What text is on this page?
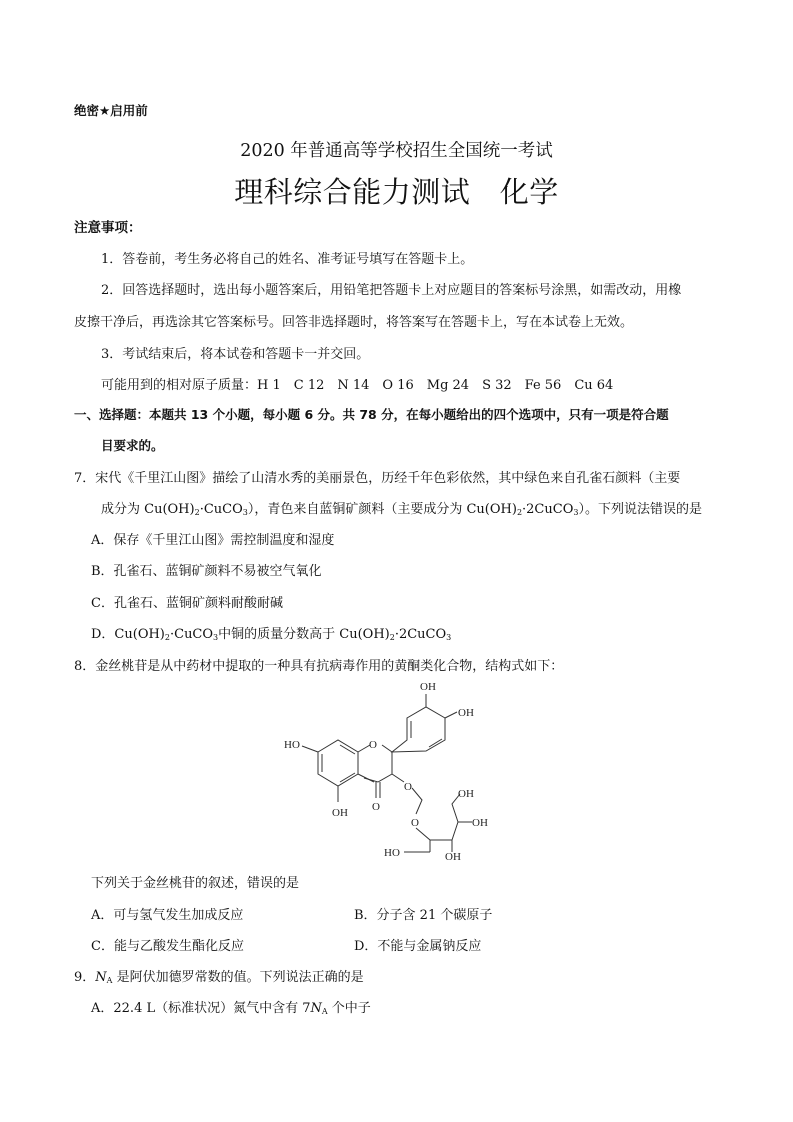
绝密★启用前
2020 年普通高等学校招生全国统一考试
理科综合能力测试　化学
注意事项：
1．答卷前，考生务必将自己的姓名、准考证号填写在答题卡上。
2．回答选择题时，选出每小题答案后，用铅笔把答题卡上对应题目的答案标号涂黑，如需改动，用橡
皮擦干净后，再选涂其它答案标号。回答非选择题时，将答案写在答题卡上，写在本试卷上无效。
3．考试结束后，将本试卷和答题卡一并交回。
可能用到的相对原子质量：H 1　C 12　N 14　O 16　Mg 24　S 32　Fe 56　Cu 64
一、选择题：本题共 13 个小题，每小题 6 分。共 78 分，在每小题给出的四个选项中，只有一项是符合题
目要求的。
7．宋代《千里江山图》描绘了山清水秀的美丽景色，历经千年色彩依然，其中绿色来自孔雀石颜料（主要
成分为 $Cu(OH)_2\cdot CuCO_3$），青色来自蓝铜矿颜料（主要成分为 $Cu(OH)_2\cdot 2CuCO_3$）。下列说法错误的是
A．保存《千里江山图》需控制温度和湿度
B．孔雀石、蓝铜矿颜料不易被空气氧化
C．孔雀石、蓝铜矿颜料耐酸耐碱
D．$Cu(OH)_2\cdot CuCO_3$中铜的质量分数高于 $Cu(OH)_2\cdot 2CuCO_3$
8．金丝桃苷是从中药材中提取的一种具有抗病毒作用的黄酮类化合物，结构式如下：
OH
OH
HO	O
OH O
O
OH
O	OH
HO	OH
下列关于金丝桃苷的叙述，错误的是
A．可与氢气发生加成反应	B．分子含 21 个碳原子
C．能与乙酸发生酯化反应	D．不能与金属钠反应
9．$N_A$ 是阿伏加德罗常数的值。下列说法正确的是
A．22.4 L（标准状况）氮气中含有 $7N_A$ 个中子
